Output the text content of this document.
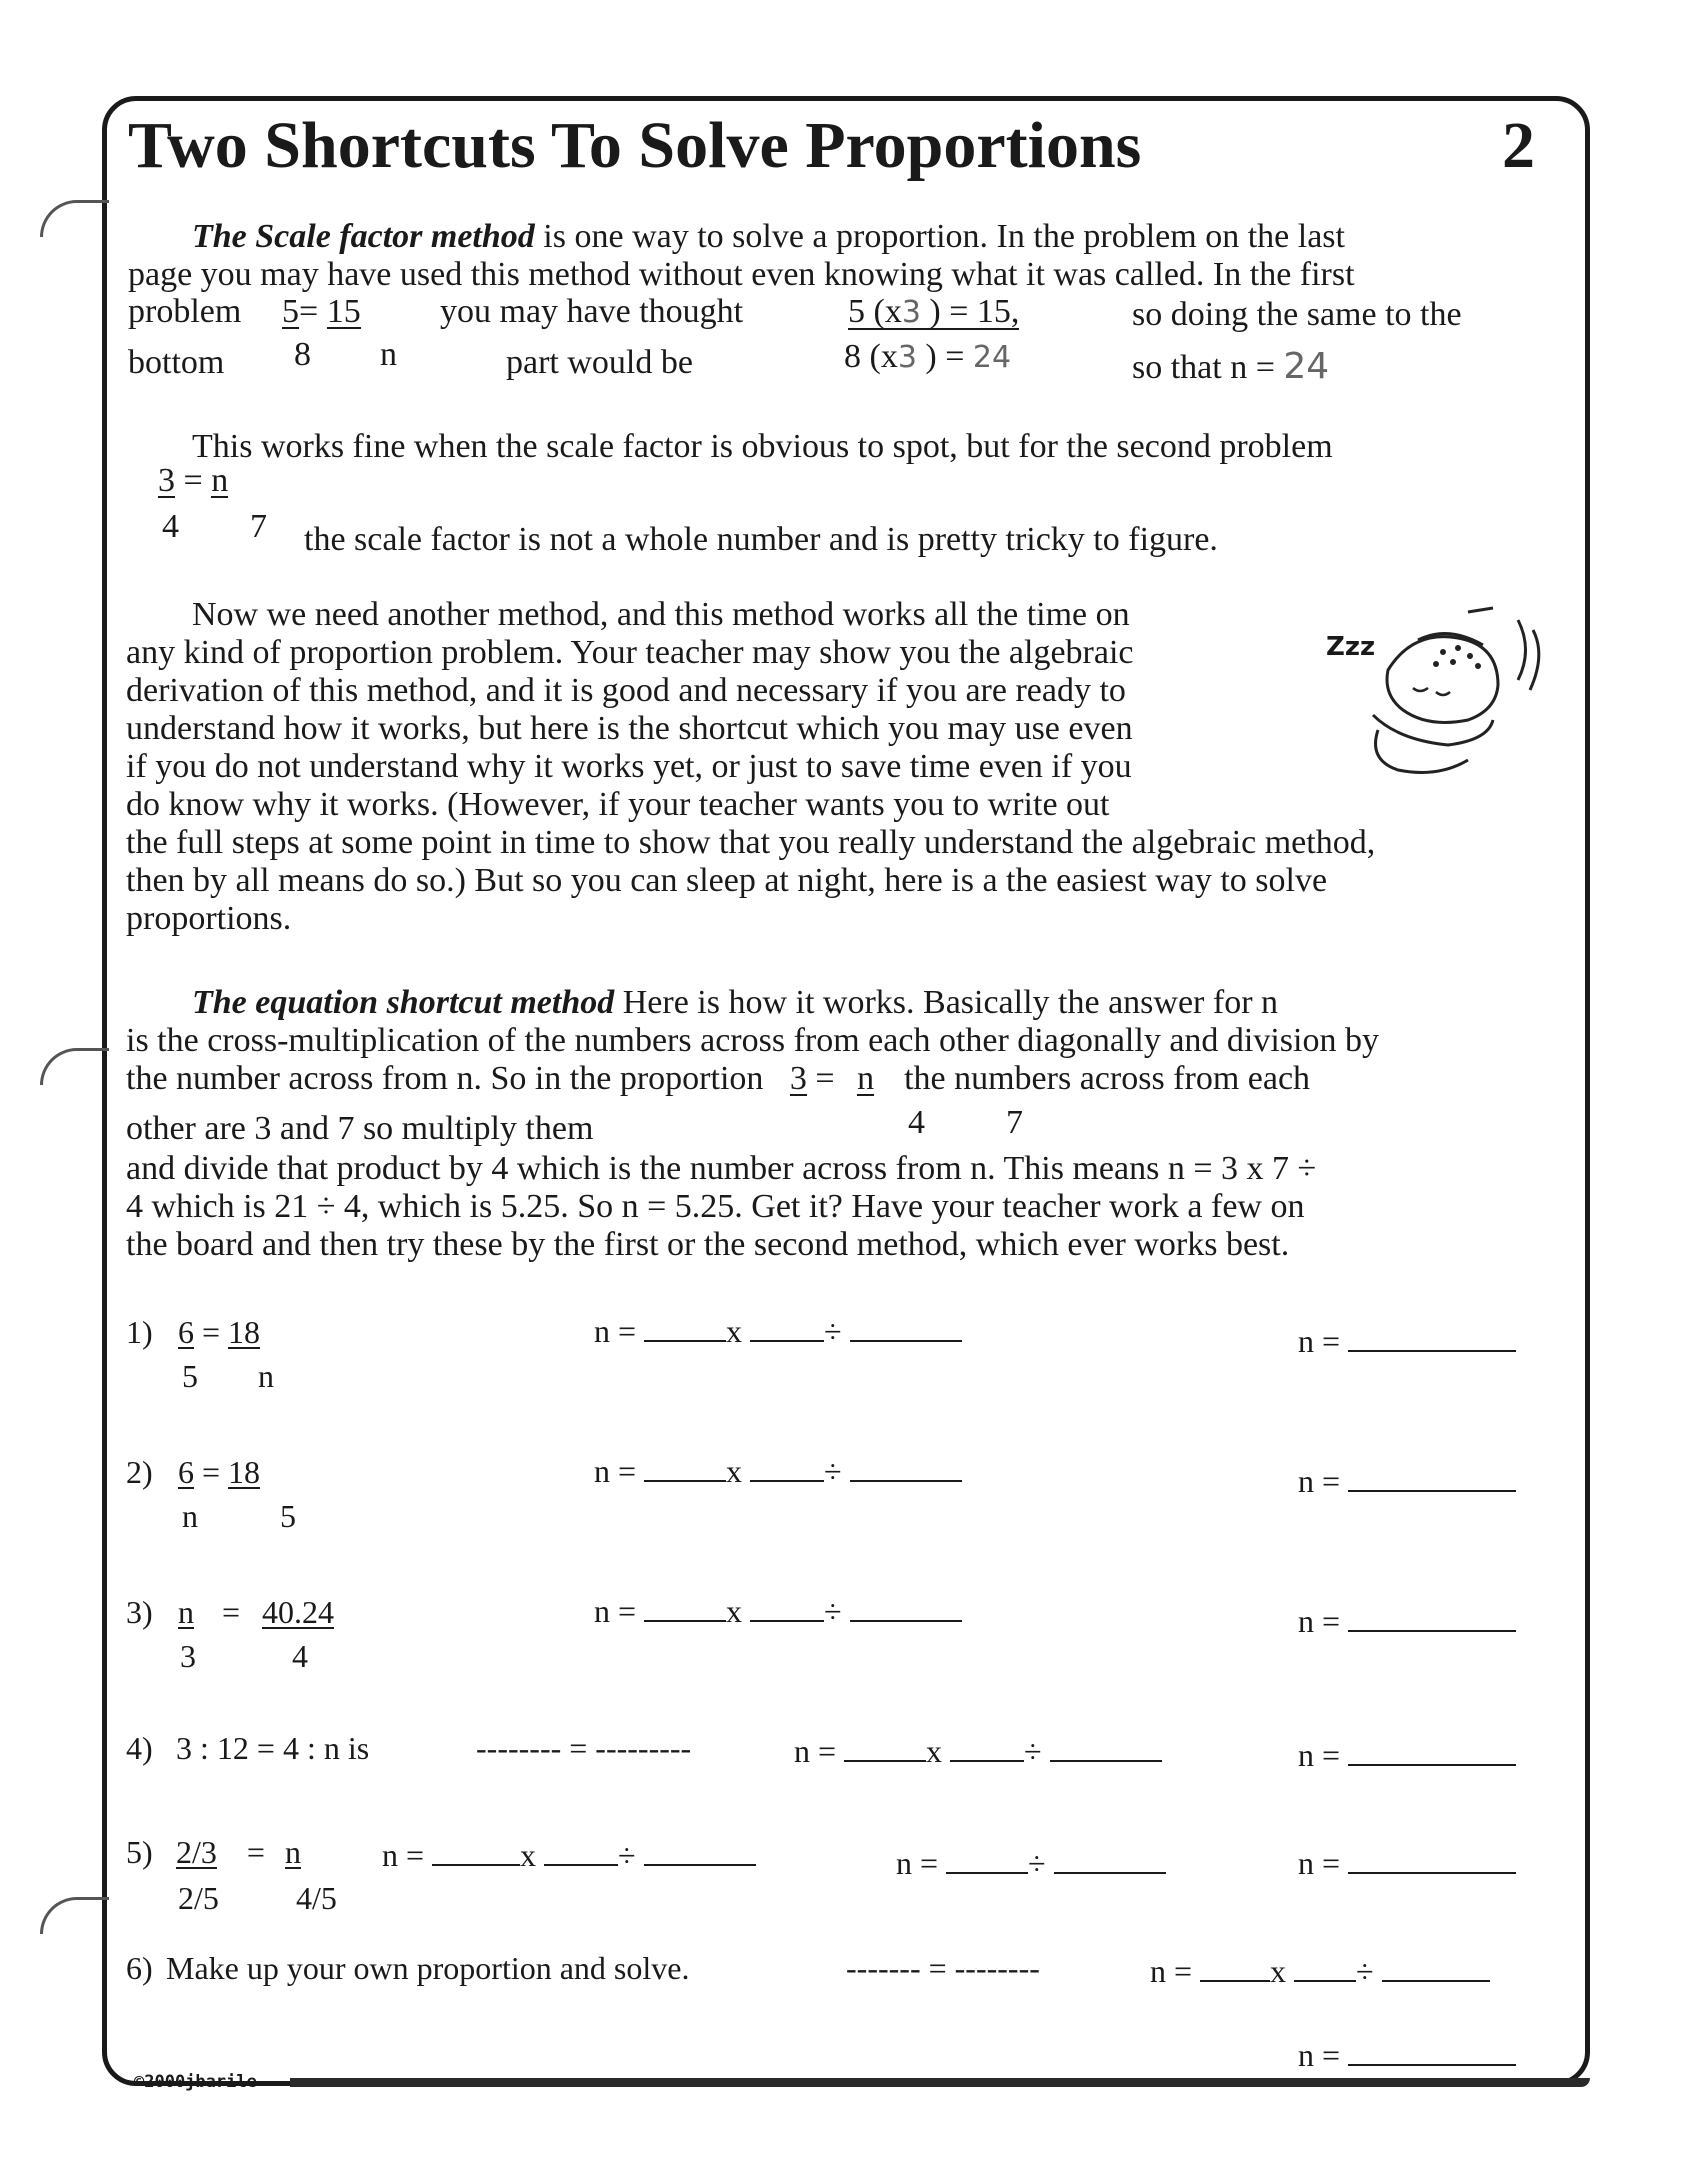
Two Shortcuts To Solve Proportions	2
The Scale factor method is one way to solve a proportion. In the problem on the last
page you may have used this method without even knowing what it was called. In the first
problem 5= 15 you may have thought	5 (x3 ) = 15,	so doing the same to the
bottom 8 n	part would be	8 (x3 ) = 24	so that n = 24
This works fine when the scale factor is obvious to spot, but for the second problem
3 = n
4 7 the scale factor is not a whole number and is pretty tricky to figure.
Now we need another method, and this method works all the time on
any kind of proportion problem. Your teacher may show you the algebraic
derivation of this method, and it is good and necessary if you are ready to
understand how it works, but here is the shortcut which you may use even
if you do not understand why it works yet, or just to save time even if you
do know why it works. (However, if your teacher wants you to write out
the full steps at some point in time to show that you really understand the algebraic method,
then by all means do so.) But so you can sleep at night, here is a the easiest way to solve
proportions.
Zzz
The equation shortcut method Here is how it works. Basically the answer for n
is the cross-multiplication of the numbers across from each other diagonally and division by
the number across from n. So in the proportion 3 = n the numbers across from each
other are 3 and 7 so multiply them	4 7
and divide that product by 4 which is the number across from n. This means n = 3 x 7 ÷
4 which is 21 ÷ 4, which is 5.25. So n = 5.25. Get it? Have your teacher work a few on
the board and then try these by the first or the second method, which ever works best.
1) 6 = 18
5 n
n =	x	÷	n =
2) 6 = 18
n	5
n =	x	÷	n =
3) n = 40.24
3	4
n =	x	÷	n =
4) 3 : 12 = 4 : n is	-------- = ---------	n =	x	÷	n =
5) 2/3 = n
2/5 4/5
n =	x	÷	n =	÷	n =
6) Make up your own proportion and solve.	------- = --------	n = x ÷
n =
©2000jbarile
